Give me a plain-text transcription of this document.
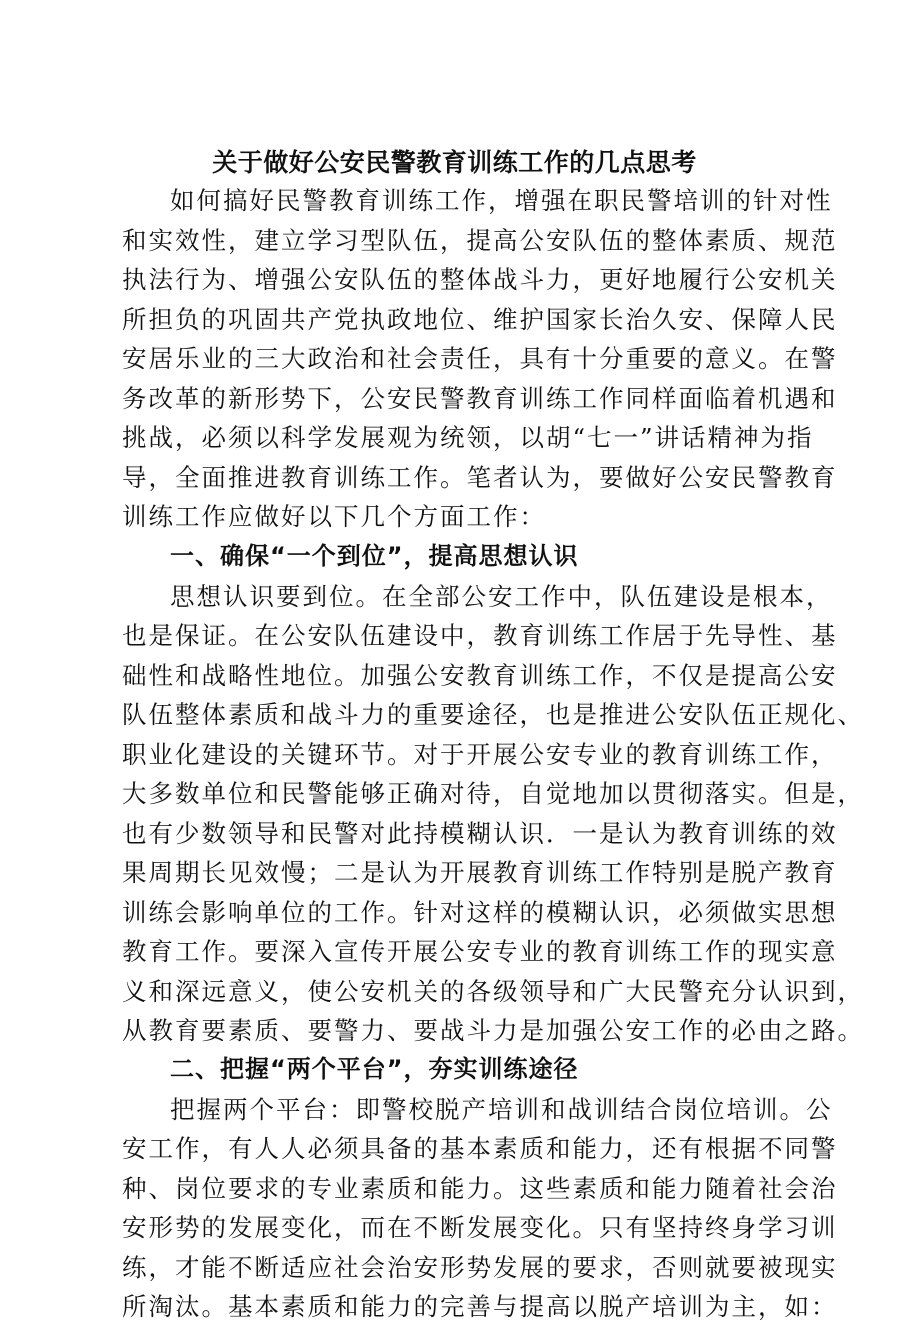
关于做好公安民警教育训练工作的几点思考
如何搞好民警教育训练工作，增强在职民警培训的针对性
和实效性，建立学习型队伍，提高公安队伍的整体素质、规范
执法行为、增强公安队伍的整体战斗力，更好地履行公安机关
所担负的巩固共产党执政地位、维护国家长治久安、保障人民
安居乐业的三大政治和社会责任，具有十分重要的意义。在警
务改革的新形势下，公安民警教育训练工作同样面临着机遇和
挑战，必须以科学发展观为统领，以胡“七一”讲话精神为指
导，全面推进教育训练工作。笔者认为，要做好公安民警教育
训练工作应做好以下几个方面工作：
一、确保“一个到位”，提高思想认识
思想认识要到位。在全部公安工作中，队伍建设是根本，
也是保证。在公安队伍建设中，教育训练工作居于先导性、基
础性和战略性地位。加强公安教育训练工作，不仅是提高公安
队伍整体素质和战斗力的重要途径，也是推进公安队伍正规化、
职业化建设的关键环节。对于开展公安专业的教育训练工作，
大多数单位和民警能够正确对待，自觉地加以贯彻落实。但是，
也有少数领导和民警对此持模糊认识．一是认为教育训练的效
果周期长见效慢；二是认为开展教育训练工作特别是脱产教育
训练会影响单位的工作。针对这样的模糊认识，必须做实思想
教育工作。要深入宣传开展公安专业的教育训练工作的现实意
义和深远意义，使公安机关的各级领导和广大民警充分认识到，
从教育要素质、要警力、要战斗力是加强公安工作的必由之路。
二、把握“两个平台”，夯实训练途径
把握两个平台：即警校脱产培训和战训结合岗位培训。公
安工作，有人人必须具备的基本素质和能力，还有根据不同警
种、岗位要求的专业素质和能力。这些素质和能力随着社会治
安形势的发展变化，而在不断发展变化。只有坚持终身学习训
练，才能不断适应社会治安形势发展的要求，否则就要被现实
所淘汰。基本素质和能力的完善与提高以脱产培训为主，如：
